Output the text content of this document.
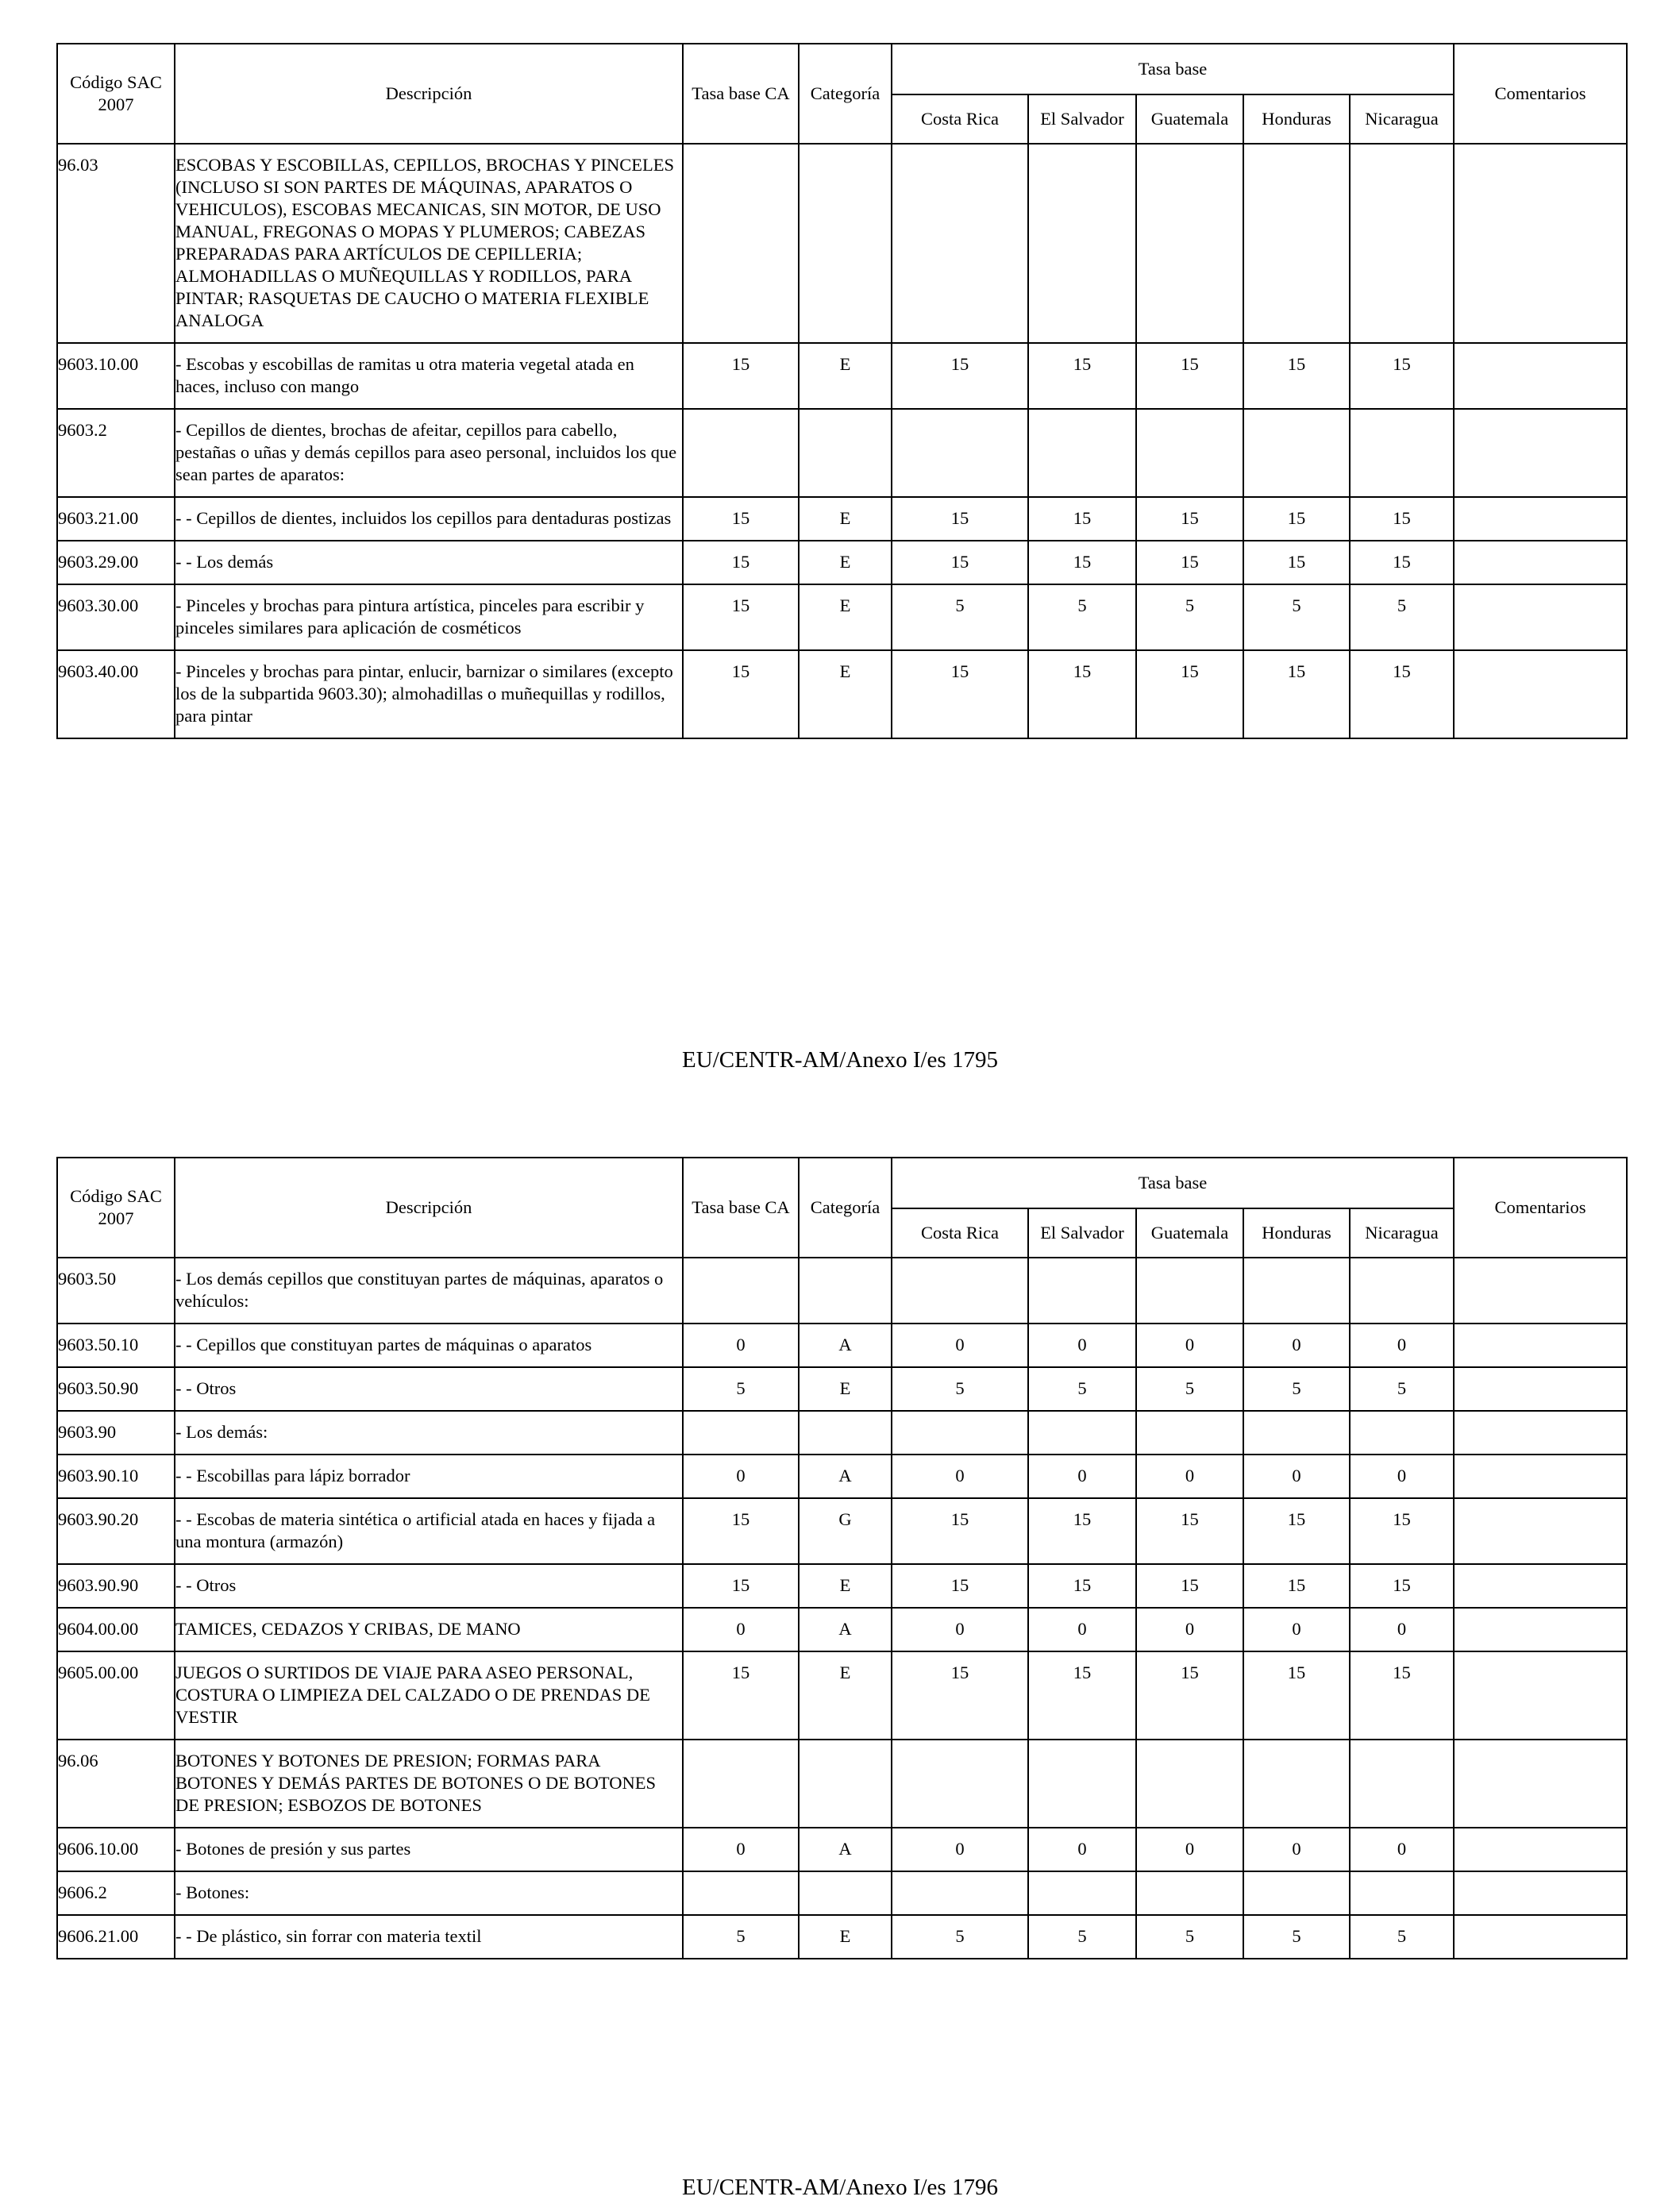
Código SAC 2007	Descripción	Tasa base CA	Categoría	Tasa base					Comentarios
				Costa Rica	El Salvador	Guatemala	Honduras	Nicaragua	
96.03	ESCOBAS Y ESCOBILLAS, CEPILLOS, BROCHAS Y PINCELES (INCLUSO SI SON PARTES DE MÁQUINAS, APARATOS O VEHICULOS), ESCOBAS MECANICAS, SIN MOTOR, DE USO MANUAL, FREGONAS O MOPAS Y PLUMEROS; CABEZAS PREPARADAS PARA ARTÍCULOS DE CEPILLERIA; ALMOHADILLAS O MUÑEQUILLAS Y RODILLOS, PARA PINTAR; RASQUETAS DE CAUCHO O MATERIA FLEXIBLE ANALOGA								
9603.10.00	- Escobas y escobillas de ramitas u otra materia vegetal atada en haces, incluso con mango	15	E	15	15	15	15	15	
9603.2	- Cepillos de dientes, brochas de afeitar, cepillos para cabello, pestañas o uñas y demás cepillos para aseo personal, incluidos los que sean partes de aparatos:								
9603.21.00	- - Cepillos de dientes, incluidos los cepillos para dentaduras postizas	15	E	15	15	15	15	15	
9603.29.00	- - Los demás	15	E	15	15	15	15	15	
9603.30.00	- Pinceles y brochas para pintura artística, pinceles para escribir y pinceles similares para aplicación de cosméticos	15	E	5	5	5	5	5	
9603.40.00	- Pinceles y brochas para pintar, enlucir, barnizar o similares (excepto los de la subpartida 9603.30); almohadillas o muñequillas y rodillos, para pintar	15	E	15	15	15	15	15	
EU/CENTR-AM/Anexo I/es 1795
Código SAC 2007	Descripción	Tasa base CA	Categoría	Tasa base					Comentarios
				Costa Rica	El Salvador	Guatemala	Honduras	Nicaragua	
9603.50	- Los demás cepillos que constituyan partes de máquinas, aparatos o vehículos:								
9603.50.10	- - Cepillos que constituyan partes de máquinas o aparatos	0	A	0	0	0	0	0	
9603.50.90	- - Otros	5	E	5	5	5	5	5	
9603.90	- Los demás:								
9603.90.10	- - Escobillas para lápiz borrador	0	A	0	0	0	0	0	
9603.90.20	- - Escobas de materia sintética o artificial atada en haces y fijada a una montura (armazón)	15	G	15	15	15	15	15	
9603.90.90	- - Otros	15	E	15	15	15	15	15	
9604.00.00	TAMICES, CEDAZOS Y CRIBAS, DE MANO	0	A	0	0	0	0	0	
9605.00.00	JUEGOS O SURTIDOS DE VIAJE PARA ASEO PERSONAL, COSTURA O LIMPIEZA DEL CALZADO O DE PRENDAS DE VESTIR	15	E	15	15	15	15	15	
96.06	BOTONES Y BOTONES DE PRESION; FORMAS PARA BOTONES Y DEMÁS PARTES DE BOTONES O DE BOTONES DE PRESION; ESBOZOS DE BOTONES								
9606.10.00	- Botones de presión y sus partes	0	A	0	0	0	0	0	
9606.2	- Botones:								
9606.21.00	- - De plástico, sin forrar con materia textil	5	E	5	5	5	5	5	
EU/CENTR-AM/Anexo I/es 1796
